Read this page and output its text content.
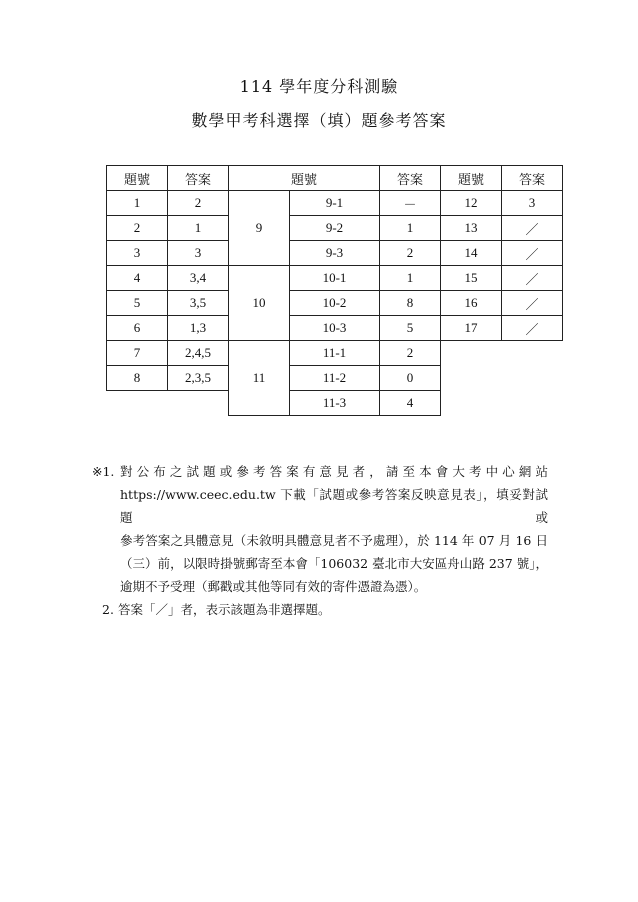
114 學年度分科測驗
數學甲考科選擇（填）題參考答案
題號	答案	題號		答案	題號	答案
1	2	9	9-1	－	12	3
2	1		9-2	1	13	／
3	3		9-3	2	14	／
4	3,4	10	10-1	1	15	／
5	3,5		10-2	8	16	／
6	1,3		10-3	5	17	／
7	2,4,5	11	11-1	2		
8	2,3,5		11-2	0		
			11-3	4		
※1. 對公布之試題或參考答案有意見者，請至本會大考中心網站

https://www.ceec.edu.tw 下載「試題或參考答案反映意見表」，填妥對試題或

參考答案之具體意見（未敘明具體意見者不予處理），於 114 年 07 月 16 日

（三）前，以限時掛號郵寄至本會「106032 臺北市大安區舟山路 237 號」，

逾期不予受理（郵戳或其他等同有效的寄件憑證為憑）。

2. 答案「／」者，表示該題為非選擇題。
